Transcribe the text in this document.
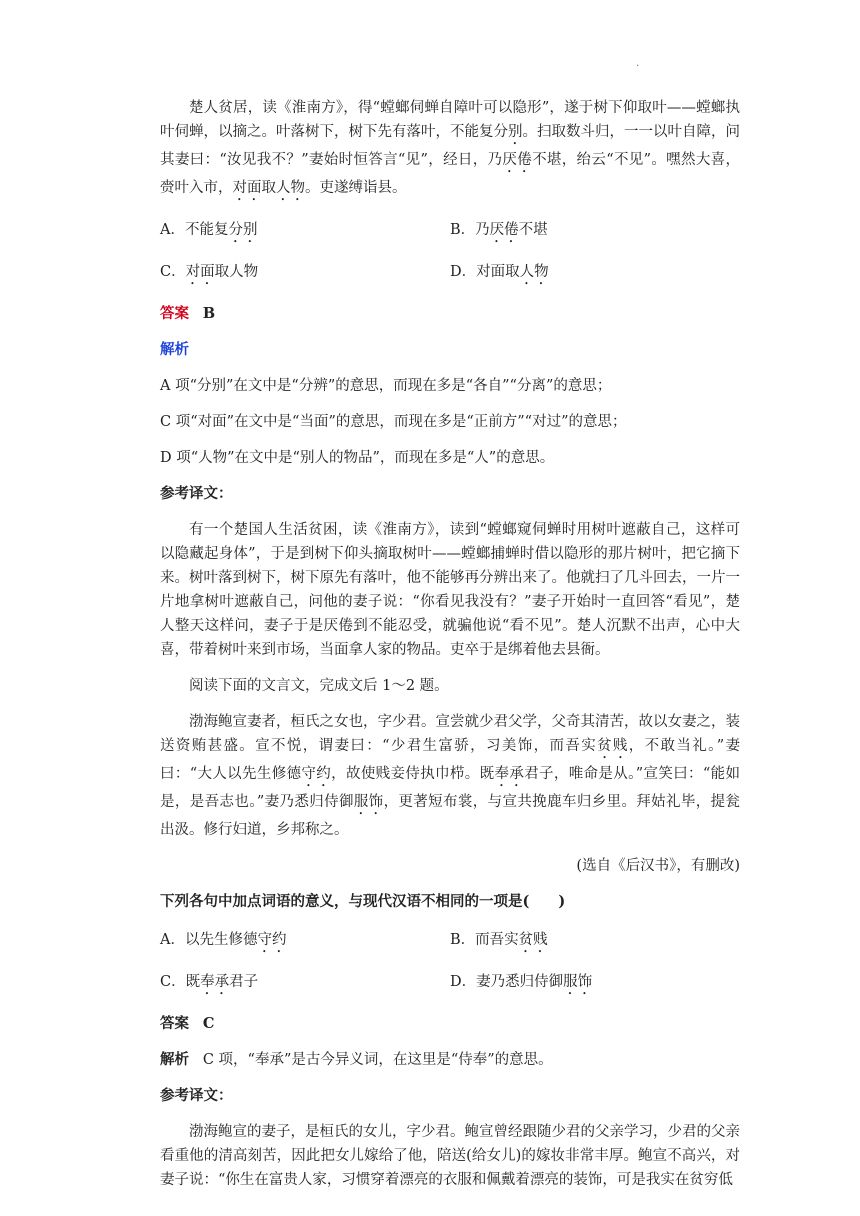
.

楚人贫居，读《淮南方》，得“螳螂伺蝉自障叶可以隐形”，遂于树下仰取叶——螳螂执叶伺蝉，以摘之。叶落树下，树下先有落叶，不能复分别。扫取数斗归，一一以叶自障，问其妻曰：“汝见我不？”妻始时恒答言“见”，经日，乃厌倦不堪，绐云“不见”。嘿然大喜，赍叶入市，对面取人物。吏遂缚诣县。

A．不能复分别	B．乃厌倦不堪
C．对面取人物	D．对面取人物

答案 B

解析

A 项“分别”在文中是“分辨”的意思，而现在多是“各自”“分离”的意思；

C 项“对面”在文中是“当面”的意思，而现在多是“正前方”“对过”的意思；

D 项“人物”在文中是“别人的物品”，而现在多是“人”的意思。

参考译文：

有一个楚国人生活贫困，读《淮南方》，读到“螳螂窥伺蝉时用树叶遮蔽自己，这样可以隐藏起身体”，于是到树下仰头摘取树叶——螳螂捕蝉时借以隐形的那片树叶，把它摘下来。树叶落到树下，树下原先有落叶，他不能够再分辨出来了。他就扫了几斗回去，一片一片地拿树叶遮蔽自己，问他的妻子说：“你看见我没有？”妻子开始时一直回答“看见”，楚人整天这样问，妻子于是厌倦到不能忍受，就骗他说“看不见”。楚人沉默不出声，心中大喜，带着树叶来到市场，当面拿人家的物品。吏卒于是绑着他去县衙。

阅读下面的文言文，完成文后 1～2 题。

渤海鲍宣妻者，桓氏之女也，字少君。宣尝就少君父学，父奇其清苦，故以女妻之，装送资贿甚盛。宣不悦，谓妻曰：“少君生富骄，习美饰，而吾实贫贱，不敢当礼。”妻曰：“大人以先生修德守约，故使贱妾侍执巾栉。既奉承君子，唯命是从。”宣笑曰：“能如是，是吾志也。”妻乃悉归侍御服饰，更著短布裳，与宣共挽鹿车归乡里。拜姑礼毕，提瓮出汲。修行妇道，乡邦称之。

(选自《后汉书》，有删改)

下列各句中加点词语的意义，与现代汉语不相同的一项是(　　)

A．以先生修德守约	B．而吾实贫贱
C．既奉承君子	D．妻乃悉归侍御服饰

答案 C

解析 C 项，“奉承”是古今异义词，在这里是“侍奉”的意思。

参考译文：

渤海鲍宣的妻子，是桓氏的女儿，字少君。鲍宣曾经跟随少君的父亲学习，少君的父亲看重他的清高刻苦，因此把女儿嫁给了他，陪送(给女儿)的嫁妆非常丰厚。鲍宣不高兴，对妻子说：“你生在富贵人家，习惯穿着漂亮的衣服和佩戴着漂亮的装饰，可是我实在贫穷低
